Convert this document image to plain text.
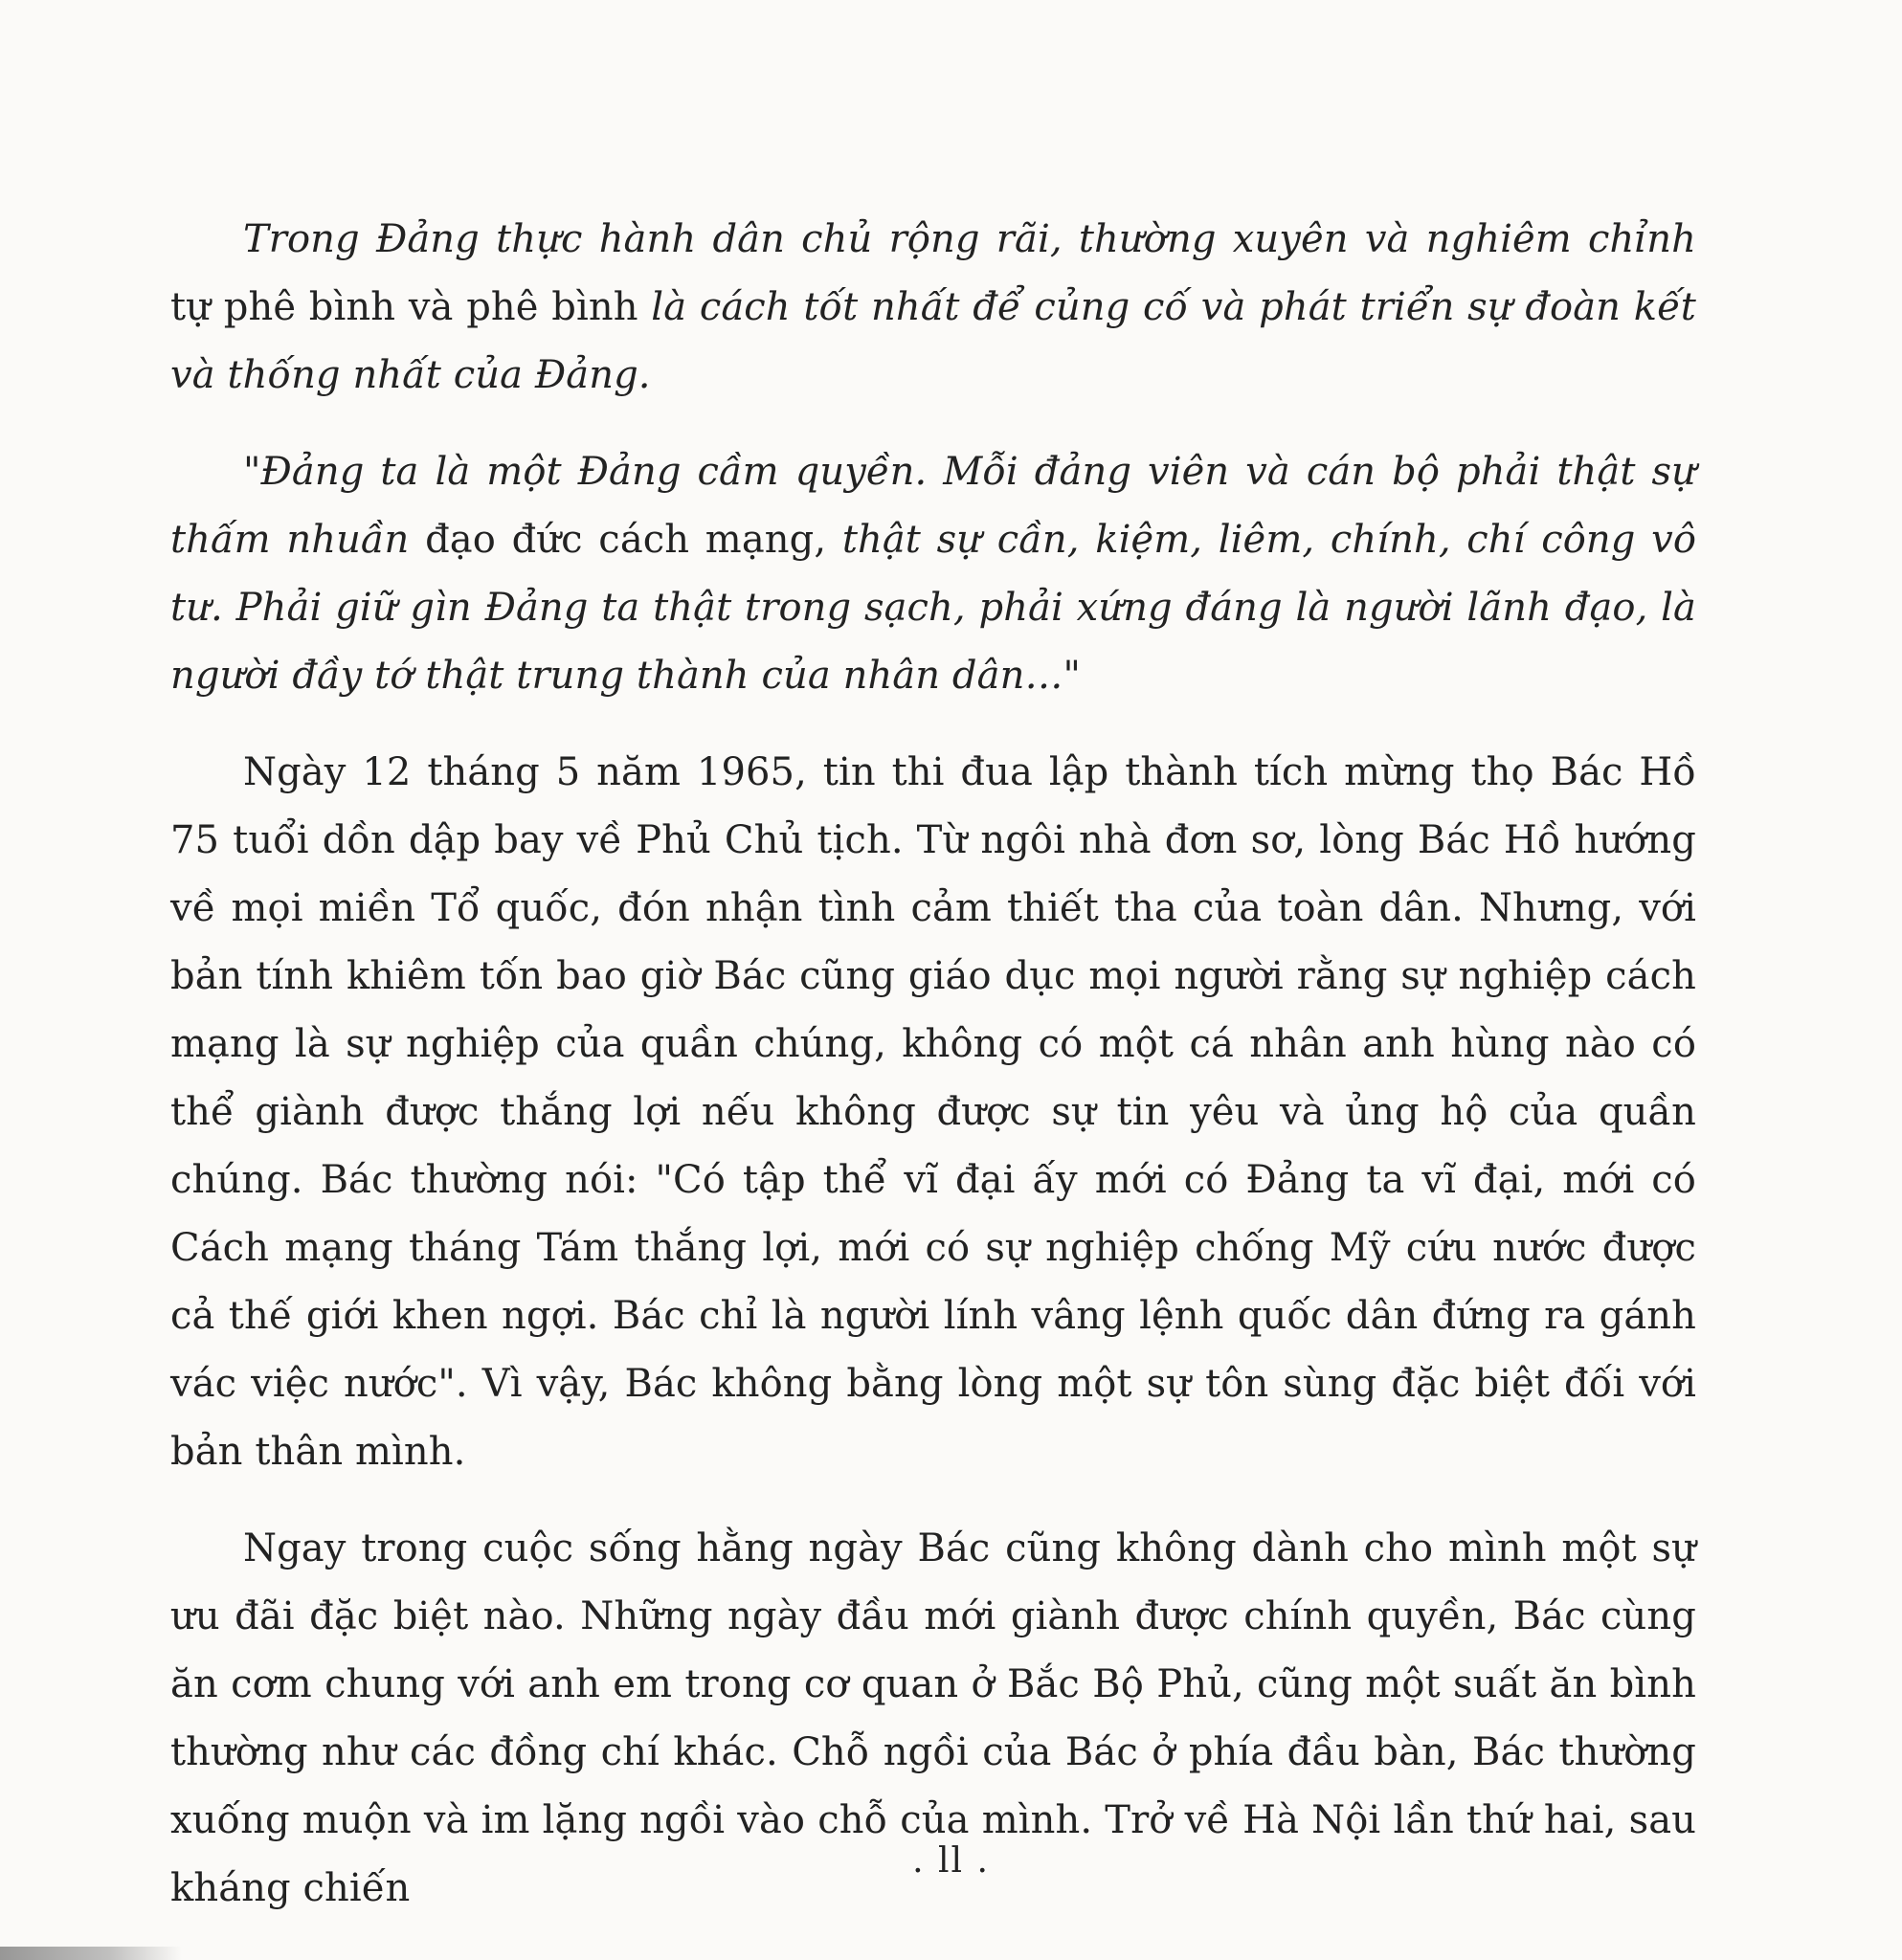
Trong Đảng thực hành dân chủ rộng rãi, thường xuyên và nghiêm chỉnh tự phê bình và phê bình là cách tốt nhất để củng cố và phát triển sự đoàn kết và thống nhất của Đảng.

"Đảng ta là một Đảng cầm quyền. Mỗi đảng viên và cán bộ phải thật sự thấm nhuần đạo đức cách mạng, thật sự cần, kiệm, liêm, chính, chí công vô tư. Phải giữ gìn Đảng ta thật trong sạch, phải xứng đáng là người lãnh đạo, là người đầy tớ thật trung thành của nhân dân…"

Ngày 12 tháng 5 năm 1965, tin thi đua lập thành tích mừng thọ Bác Hồ 75 tuổi dồn dập bay về Phủ Chủ tịch. Từ ngôi nhà đơn sơ, lòng Bác Hồ hướng về mọi miền Tổ quốc, đón nhận tình cảm thiết tha của toàn dân. Nhưng, với bản tính khiêm tốn bao giờ Bác cũng giáo dục mọi người rằng sự nghiệp cách mạng là sự nghiệp của quần chúng, không có một cá nhân anh hùng nào có thể giành được thắng lợi nếu không được sự tin yêu và ủng hộ của quần chúng. Bác thường nói: "Có tập thể vĩ đại ấy mới có Đảng ta vĩ đại, mới có Cách mạng tháng Tám thắng lợi, mới có sự nghiệp chống Mỹ cứu nước được cả thế giới khen ngợi. Bác chỉ là người lính vâng lệnh quốc dân đứng ra gánh vác việc nước". Vì vậy, Bác không bằng lòng một sự tôn sùng đặc biệt đối với bản thân mình.

Ngay trong cuộc sống hằng ngày Bác cũng không dành cho mình một sự ưu đãi đặc biệt nào. Những ngày đầu mới giành được chính quyền, Bác cùng ăn cơm chung với anh em trong cơ quan ở Bắc Bộ Phủ, cũng một suất ăn bình thường như các đồng chí khác. Chỗ ngồi của Bác ở phía đầu bàn, Bác thường xuống muộn và im lặng ngồi vào chỗ của mình. Trở về Hà Nội lần thứ hai, sau kháng chiến

. ll .
